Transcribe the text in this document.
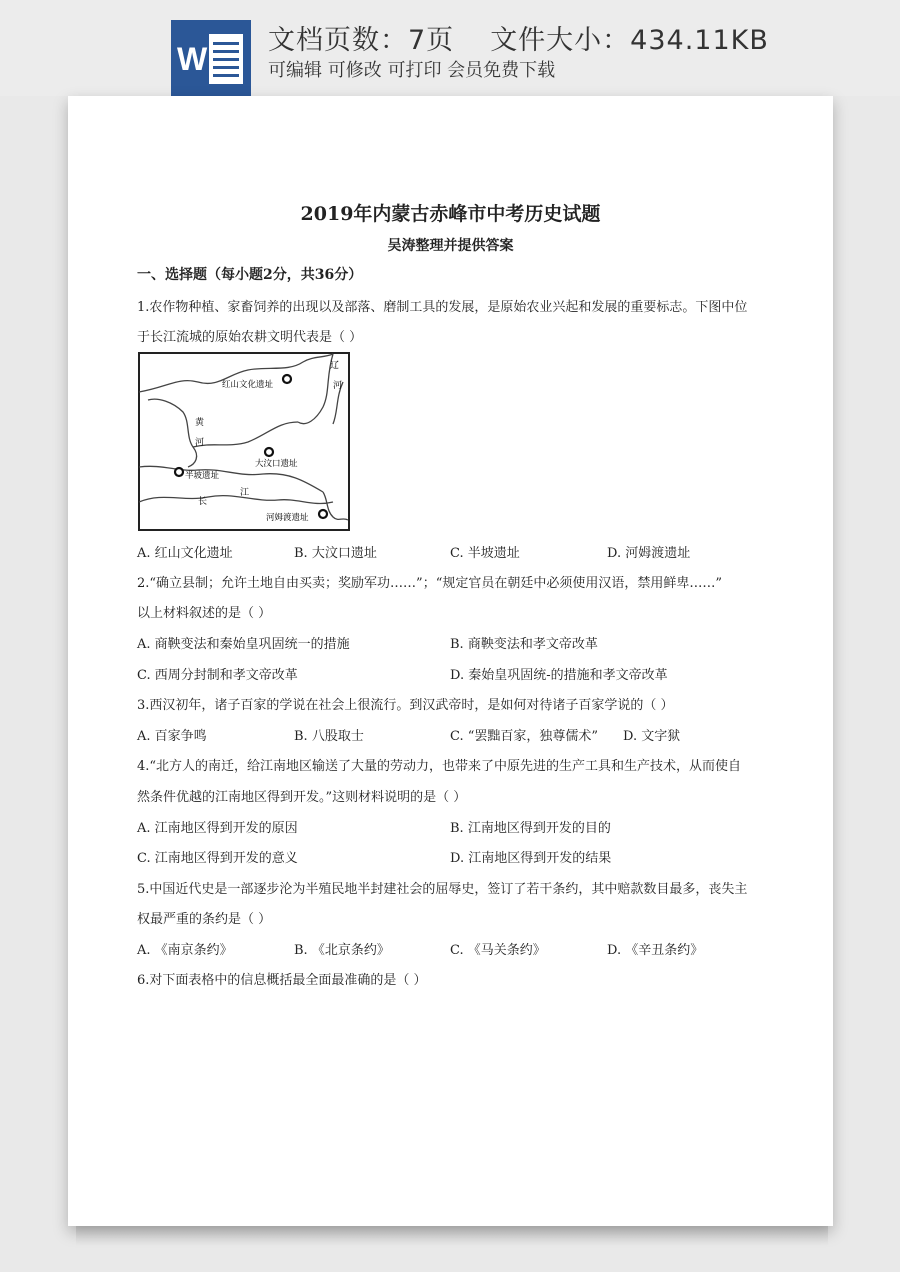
W
文档页数：7页 文件大小：434.11KB
可编辑 可修改 可打印 会员免费下载
2019年内蒙古赤峰市中考历史试题
吴涛整理并提供答案
一、选择题（每小题2分，共36分）
1.农作物种植、家畜饲养的出现以及部落、磨制工具的发展，是原始农业兴起和发展的重要标志。下图中位
于长江流城的原始农耕文明代表是（ ）
红山文化遗址
大汶口遗址
半坡遗址
河姆渡遗址
辽
河
黄
河
长
江
A. 红山文化遗址	B. 大汶口遗址	C. 半坡遗址	D. 河姆渡遗址
2.“确立县制；允许土地自由买卖；奖励军功……”；“规定官员在朝廷中必须使用汉语，禁用鲜卑……”
以上材料叙述的是（ ）
A. 商鞅变法和秦始皇巩固统一的措施	B. 商鞅变法和孝文帝改革
C. 西周分封制和孝文帝改革	D. 秦始皇巩固统-的措施和孝文帝改革
3.西汉初年，诸子百家的学说在社会上很流行。到汉武帝时，是如何对待诸子百家学说的（ ）
A. 百家争鸣	B. 八股取士	C. “罢黜百家，独尊儒术” D. 文字狱
4.“北方人的南迁，给江南地区输送了大量的劳动力，也带来了中原先进的生产工具和生产技术，从而使自
然条件优越的江南地区得到开发。”这则材料说明的是（ ）
A. 江南地区得到开发的原因	B. 江南地区得到开发的目的
C. 江南地区得到开发的意义	D. 江南地区得到开发的结果
5.中国近代史是一部逐步沦为半殖民地半封建社会的屈辱史，签订了若干条约，其中赔款数目最多，丧失主
权最严重的条约是（ ）
A. 《南京条约》	B. 《北京条约》	C. 《马关条约》	D. 《辛丑条约》
6.对下面表格中的信息概括最全面最准确的是（ ）
